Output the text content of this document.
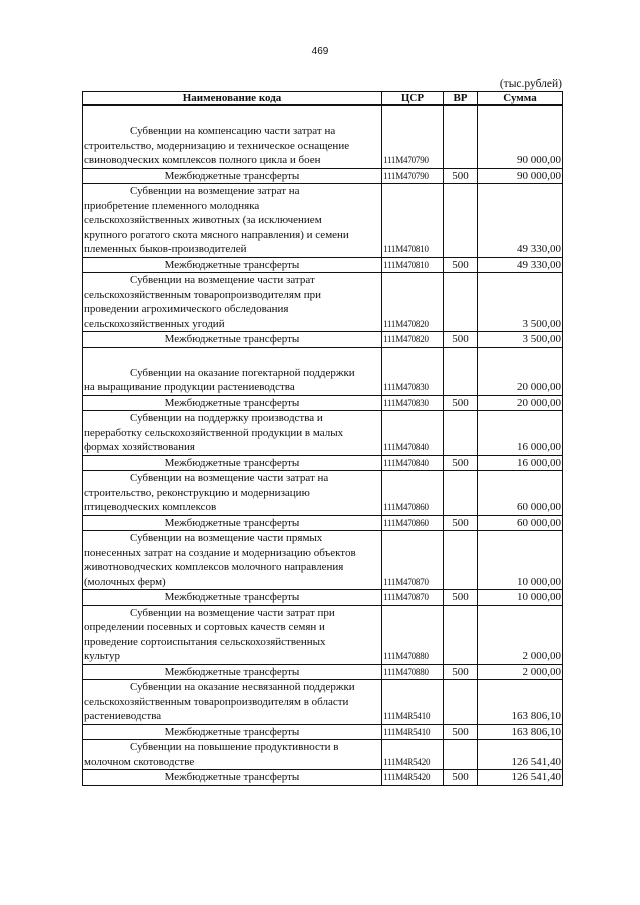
469
(тыс.рублей)
Наименование кода	ЦСР	ВР	Сумма
Субвенции на компенсацию части затрат на
строительство, модернизацию и техническое оснащение
свиноводческих комплексов полного цикла и боен	111М470790		90 000,00
Межбюджетные трансферты	111М470790	500	90 000,00
Субвенции на возмещение затрат на
приобретение племенного молодняка
сельскохозяйственных животных (за исключением
крупного рогатого скота мясного направления) и семени
племенных быков-производителей	111М470810		49 330,00
Межбюджетные трансферты	111М470810	500	49 330,00
Субвенции на возмещение части затрат
сельскохозяйственным товаропроизводителям при
проведении агрохимического обследования
сельскохозяйственных угодий	111М470820		3 500,00
Межбюджетные трансферты	111М470820	500	3 500,00
Субвенции на оказание погектарной поддержки
на выращивание продукции растениеводства	111М470830		20 000,00
Межбюджетные трансферты	111М470830	500	20 000,00
Субвенции на поддержку производства и
переработку сельскохозяйственной продукции в малых
формах хозяйствования	111М470840		16 000,00
Межбюджетные трансферты	111М470840	500	16 000,00
Субвенции на возмещение части затрат на
строительство, реконструкцию и модернизацию
птицеводческих комплексов	111М470860		60 000,00
Межбюджетные трансферты	111М470860	500	60 000,00
Субвенции на возмещение части прямых
понесенных затрат на создание и модернизацию объектов
животноводческих комплексов молочного направления
(молочных ферм)	111М470870		10 000,00
Межбюджетные трансферты	111М470870	500	10 000,00
Субвенции на возмещение части затрат при
определении посевных и сортовых качеств семян и
проведение сортоиспытания сельскохозяйственных
культур	111М470880		2 000,00
Межбюджетные трансферты	111М470880	500	2 000,00
Субвенции на оказание несвязанной поддержки
сельскохозяйственным товаропроизводителям в области
растениеводства	111М4R5410		163 806,10
Межбюджетные трансферты	111М4R5410	500	163 806,10
Субвенции на повышение продуктивности в
молочном скотоводстве	111М4R5420		126 541,40
Межбюджетные трансферты	111М4R5420	500	126 541,40
